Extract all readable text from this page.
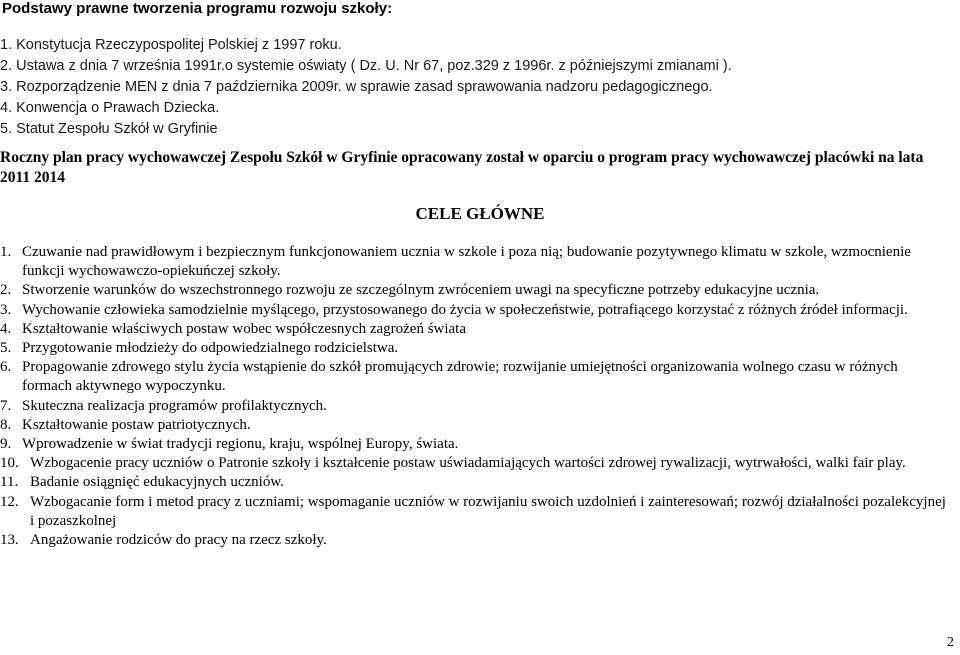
Podstawy prawne tworzenia programu rozwoju szkoły:

1. Konstytucja Rzeczypospolitej Polskiej z 1997 roku.
2. Ustawa z dnia 7 września 1991r.o systemie oświaty ( Dz. U. Nr 67, poz.329 z 1996r. z późniejszymi zmianami ).
3. Rozporządzenie MEN z dnia 7 października 2009r. w sprawie zasad sprawowania nadzoru pedagogicznego.
4. Konwencja o Prawach Dziecka.
5. Statut Zespołu Szkół w Gryfinie

Roczny plan pracy wychowawczej Zespołu Szkół w Gryfinie opracowany został w oparciu o program pracy wychowawczej placówki na lata 2011 2014

CELE GŁÓWNE

1. Czuwanie nad prawidłowym i bezpiecznym funkcjonowaniem ucznia w szkole i poza nią; budowanie pozytywnego klimatu w szkole, wzmocnienie funkcji wychowawczo-opiekuńczej szkoły.
2. Stworzenie warunków do wszechstronnego rozwoju ze szczególnym zwróceniem uwagi na specyficzne potrzeby edukacyjne ucznia.
3. Wychowanie człowieka samodzielnie myślącego, przystosowanego do życia w społeczeństwie, potrafiącego korzystać z różnych źródeł informacji.
4. Kształtowanie właściwych postaw wobec współczesnych zagrożeń świata
5. Przygotowanie młodzieży do odpowiedzialnego rodzicielstwa.
6. Propagowanie zdrowego stylu życia wstąpienie do szkół promujących zdrowie; rozwijanie umiejętności organizowania wolnego czasu w różnych formach aktywnego wypoczynku.
7. Skuteczna realizacja programów profilaktycznych.
8. Kształtowanie postaw patriotycznych.
9. Wprowadzenie w świat tradycji regionu, kraju, wspólnej Europy, świata.
10. Wzbogacenie pracy uczniów o Patronie szkoły i kształcenie postaw uświadamiających wartości zdrowej rywalizacji, wytrwałości, walki fair play.
11. Badanie osiągnięć edukacyjnych uczniów.
12. Wzbogacanie form i metod pracy z uczniami; wspomaganie uczniów w rozwijaniu swoich uzdolnień i zainteresowań; rozwój działalności pozalekcyjnej i pozaszkolnej
13. Angażowanie rodziców do pracy na rzecz szkoły.
2
